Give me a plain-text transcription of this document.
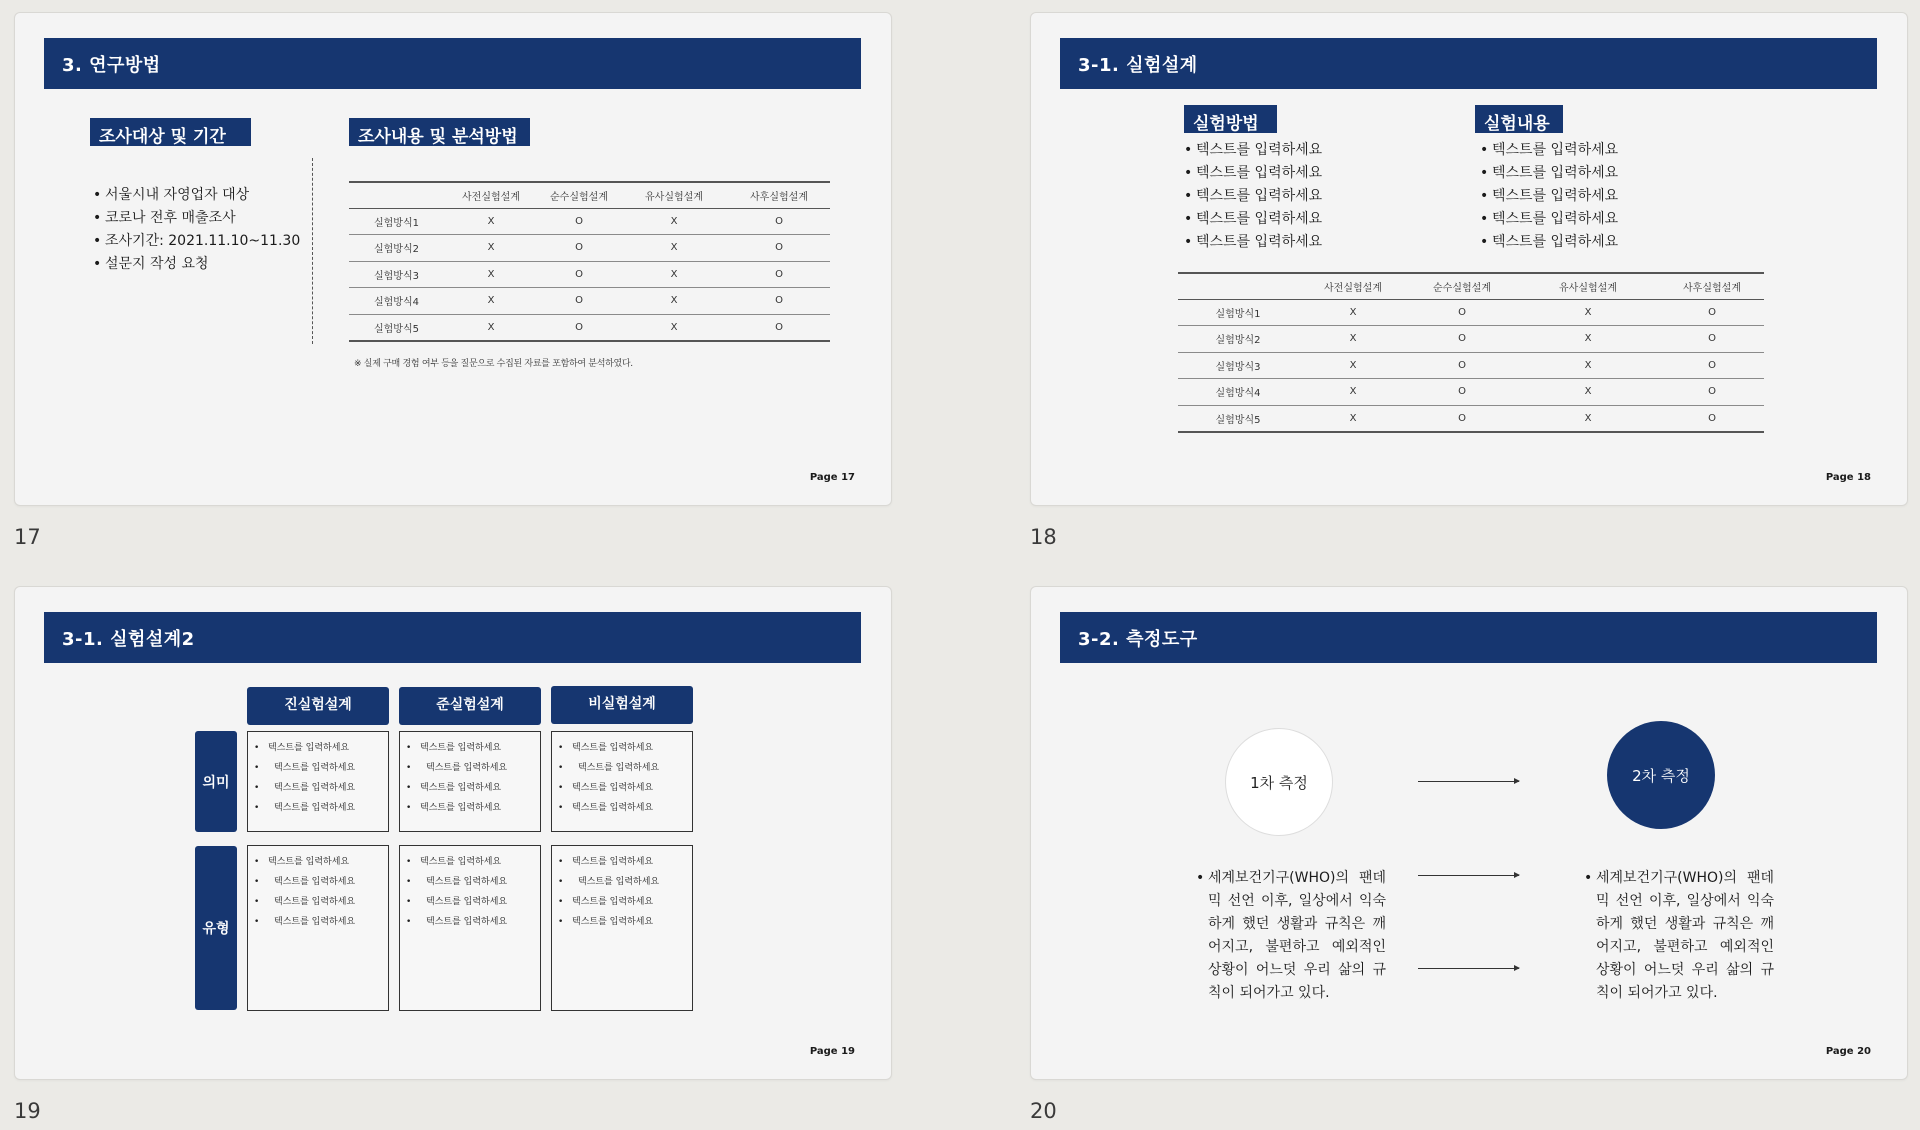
3. 연구방법
조사대상 및 기간
• 서울시내 자영업자 대상
• 코로나 전후 매출조사
• 조사기간: 2021.11.10~11.30
• 설문지 작성 요청
조사내용 및 분석방법
	사전실험설계	순수실험설계	유사실험설계	사후실험설계
실험방식1	X	O	X	O
실험방식2	X	O	X	O
실험방식3	X	O	X	O
실험방식4	X	O	X	O
실험방식5	X	O	X	O
※ 실제 구매 경험 여부 등을 질문으로 수집된 자료를 포함하여 분석하였다.
Page 17
17
3-1. 실험설계
실험방법
• 텍스트를 입력하세요
• 텍스트를 입력하세요
• 텍스트를 입력하세요
• 텍스트를 입력하세요
• 텍스트를 입력하세요
실험내용
• 텍스트를 입력하세요
• 텍스트를 입력하세요
• 텍스트를 입력하세요
• 텍스트를 입력하세요
• 텍스트를 입력하세요
	사전실험설계	순수실험설계	유사실험설계	사후실험설계
실험방식1	X	O	X	O
실험방식2	X	O	X	O
실험방식3	X	O	X	O
실험방식4	X	O	X	O
실험방식5	X	O	X	O
Page 18
18
3-1. 실험설계2
진실험설계	준실험설계	비실험설계
의미
유형
• 텍스트를 입력하세요
• 텍스트를 입력하세요
• 텍스트를 입력하세요
• 텍스트를 입력하세요
• 텍스트를 입력하세요
• 텍스트를 입력하세요
• 텍스트를 입력하세요
• 텍스트를 입력하세요
• 텍스트를 입력하세요
• 텍스트를 입력하세요
• 텍스트를 입력하세요
• 텍스트를 입력하세요
• 텍스트를 입력하세요
• 텍스트를 입력하세요
• 텍스트를 입력하세요
• 텍스트를 입력하세요
• 텍스트를 입력하세요
• 텍스트를 입력하세요
• 텍스트를 입력하세요
• 텍스트를 입력하세요
• 텍스트를 입력하세요
• 텍스트를 입력하세요
• 텍스트를 입력하세요
• 텍스트를 입력하세요
Page 19
19
3-2. 측정도구
1차 측정	2차 측정
• 세계보건기구(WHO)의 팬데믹 선언 이후, 일상에서 익숙하게 했던 생활과 규칙은 깨어지고, 불편하고 예외적인 상황이 어느덧 우리 삶의 규칙이 되어가고 있다.
• 세계보건기구(WHO)의 팬데믹 선언 이후, 일상에서 익숙하게 했던 생활과 규칙은 깨어지고, 불편하고 예외적인 상황이 어느덧 우리 삶의 규칙이 되어가고 있다.
Page 20
20
